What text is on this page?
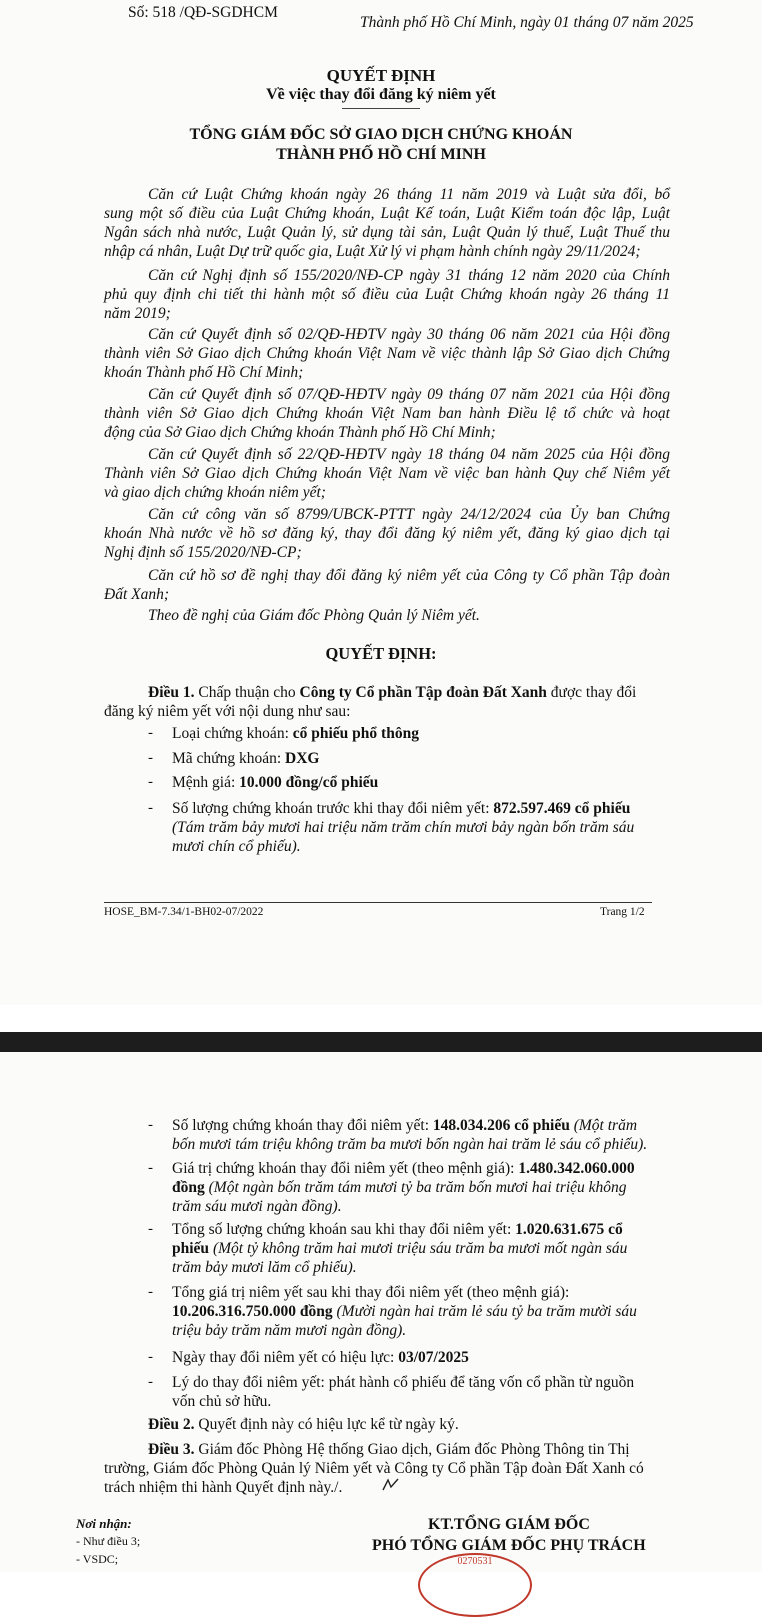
Số: 518 /QĐ-SGDHCM
Thành phố Hồ Chí Minh, ngày 01 tháng 07 năm 2025
QUYẾT ĐỊNH
Về việc thay đổi đăng ký niêm yết
TỔNG GIÁM ĐỐC SỞ GIAO DỊCH CHỨNG KHOÁN
THÀNH PHỐ HỒ CHÍ MINH
Căn cứ Luật Chứng khoán ngày 26 tháng 11 năm 2019 và Luật sửa đổi, bổ
sung một số điều của Luật Chứng khoán, Luật Kế toán, Luật Kiểm toán độc lập, Luật
Ngân sách nhà nước, Luật Quản lý, sử dụng tài sản, Luật Quản lý thuế, Luật Thuế thu
nhập cá nhân, Luật Dự trữ quốc gia, Luật Xử lý vi phạm hành chính ngày 29/11/2024;
Căn cứ Nghị định số 155/2020/NĐ-CP ngày 31 tháng 12 năm 2020 của Chính
phủ quy định chi tiết thi hành một số điều của Luật Chứng khoán ngày 26 tháng 11
năm 2019;
Căn cứ Quyết định số 02/QĐ-HĐTV ngày 30 tháng 06 năm 2021 của Hội đồng
thành viên Sở Giao dịch Chứng khoán Việt Nam về việc thành lập Sở Giao dịch Chứng
khoán Thành phố Hồ Chí Minh;
Căn cứ Quyết định số 07/QĐ-HĐTV ngày 09 tháng 07 năm 2021 của Hội đồng
thành viên Sở Giao dịch Chứng khoán Việt Nam ban hành Điều lệ tổ chức và hoạt
động của Sở Giao dịch Chứng khoán Thành phố Hồ Chí Minh;
Căn cứ Quyết định số 22/QĐ-HĐTV ngày 18 tháng 04 năm 2025 của Hội đồng
Thành viên Sở Giao dịch Chứng khoán Việt Nam về việc ban hành Quy chế Niêm yết
và giao dịch chứng khoán niêm yết;
Căn cứ công văn số 8799/UBCK-PTTT ngày 24/12/2024 của Ủy ban Chứng
khoán Nhà nước về hồ sơ đăng ký, thay đổi đăng ký niêm yết, đăng ký giao dịch tại
Nghị định số 155/2020/NĐ-CP;
Căn cứ hồ sơ đề nghị thay đổi đăng ký niêm yết của Công ty Cổ phần Tập đoàn
Đất Xanh;
Theo đề nghị của Giám đốc Phòng Quản lý Niêm yết.
QUYẾT ĐỊNH:
Điều 1. Chấp thuận cho Công ty Cổ phần Tập đoàn Đất Xanh được thay đổi
đăng ký niêm yết với nội dung như sau:
- Loại chứng khoán: cổ phiếu phổ thông
- Mã chứng khoán: DXG
- Mệnh giá: 10.000 đồng/cổ phiếu
- Số lượng chứng khoán trước khi thay đổi niêm yết: 872.597.469 cổ phiếu
(Tám trăm bảy mươi hai triệu năm trăm chín mươi bảy ngàn bốn trăm sáu
mươi chín cổ phiếu).
HOSE_BM-7.34/1-BH02-07/2022	Trang 1/2
- Số lượng chứng khoán thay đổi niêm yết: 148.034.206 cổ phiếu (Một trăm
bốn mươi tám triệu không trăm ba mươi bốn ngàn hai trăm lẻ sáu cổ phiếu).
- Giá trị chứng khoán thay đổi niêm yết (theo mệnh giá): 1.480.342.060.000
đồng (Một ngàn bốn trăm tám mươi tỷ ba trăm bốn mươi hai triệu không
trăm sáu mươi ngàn đồng).
- Tổng số lượng chứng khoán sau khi thay đổi niêm yết: 1.020.631.675 cổ
phiếu (Một tỷ không trăm hai mươi triệu sáu trăm ba mươi mốt ngàn sáu
trăm bảy mươi lăm cổ phiếu).
- Tổng giá trị niêm yết sau khi thay đổi niêm yết (theo mệnh giá):
10.206.316.750.000 đồng (Mười ngàn hai trăm lẻ sáu tỷ ba trăm mười sáu
triệu bảy trăm năm mươi ngàn đồng).
- Ngày thay đổi niêm yết có hiệu lực: 03/07/2025
- Lý do thay đổi niêm yết: phát hành cổ phiếu để tăng vốn cổ phần từ nguồn
vốn chủ sở hữu.
Điều 2. Quyết định này có hiệu lực kể từ ngày ký.
Điều 3. Giám đốc Phòng Hệ thống Giao dịch, Giám đốc Phòng Thông tin Thị
trường, Giám đốc Phòng Quản lý Niêm yết và Công ty Cổ phần Tập đoàn Đất Xanh có
trách nhiệm thi hành Quyết định này./.
Nơi nhận:
- Như điều 3;
- VSDC;
KT.TỔNG GIÁM ĐỐC
PHÓ TỔNG GIÁM ĐỐC PHỤ TRÁCH
0270531
